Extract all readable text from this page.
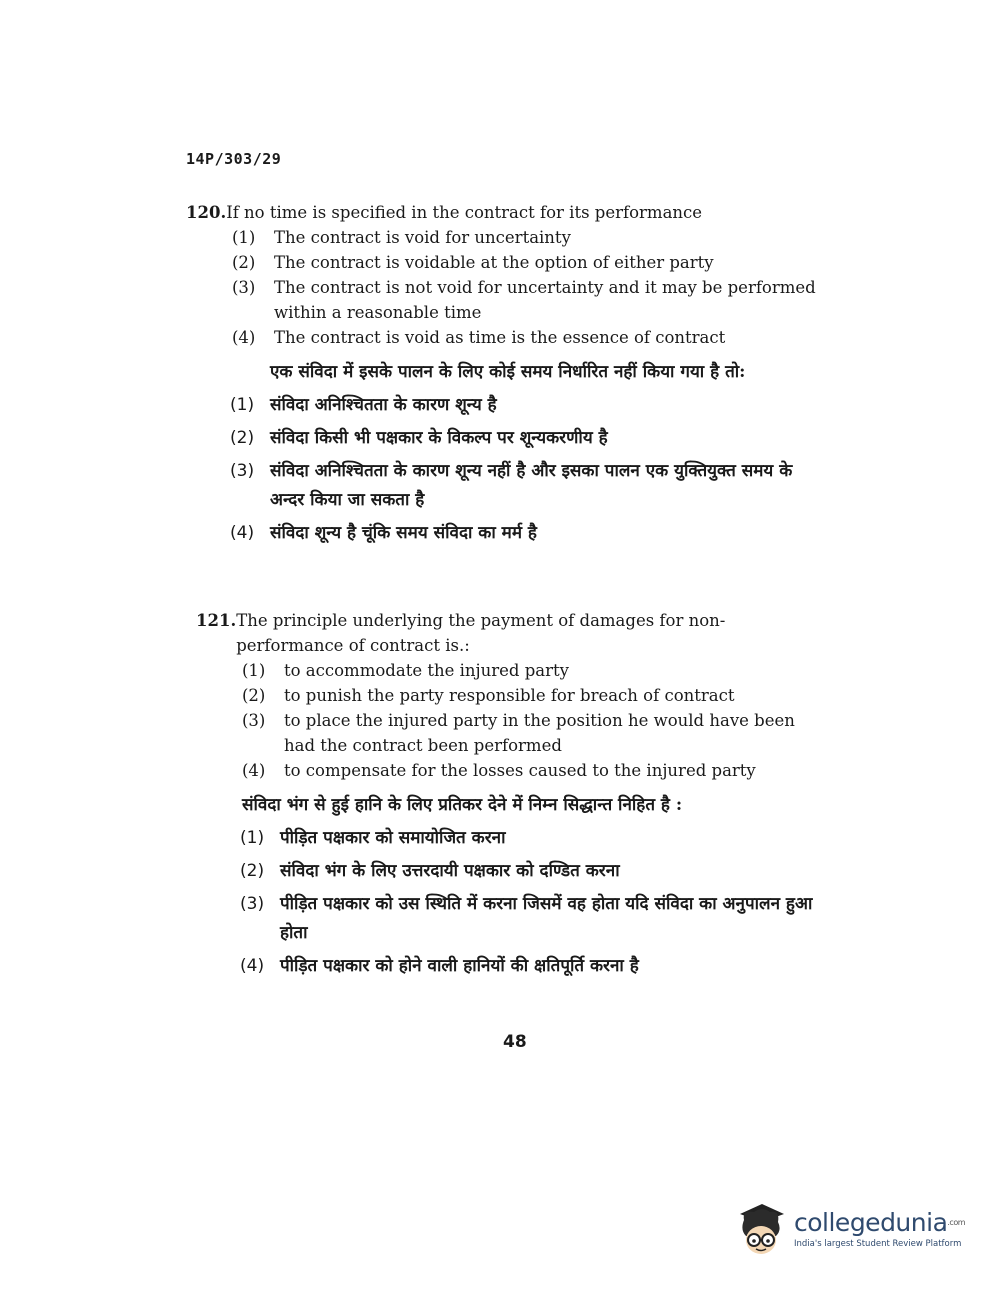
14P/303/29
120. If no time is specified in the contract for its performance
(1)	The contract is void for uncertainty
(2)	The contract is voidable at the option of either party
(3)	The contract is not void for uncertainty and it may be performed within a reasonable time
(4)	The contract is void as time is the essence of contract
एक संविदा में इसके पालन के लिए कोई समय निर्धारित नहीं किया गया है तो:
(1) संविदा अनिश्चितता के कारण शून्य है
(2) संविदा किसी भी पक्षकार के विकल्प पर शून्यकरणीय है
(3) संविदा अनिश्चितता के कारण शून्य नहीं है और इसका पालन एक युक्तियुक्त समय के अन्दर किया जा सकता है
(4) संविदा शून्य है चूंकि समय संविदा का मर्म है
121. The principle underlying the payment of damages for non-performance of contract is.:
(1)	to accommodate the injured party
(2)	to punish the party responsible for breach of contract
(3)	to place the injured party in the position he would have been had the contract been performed
(4)	to compensate for the losses caused to the injured party
संविदा भंग से हुई हानि के लिए प्रतिकर देने में निम्न सिद्धान्त निहित है :
(1) पीड़ित पक्षकार को समायोजित करना
(2) संविदा भंग के लिए उत्तरदायी पक्षकार को दण्डित करना
(3) पीड़ित पक्षकार को उस स्थिति में करना जिसमें वह होता यदि संविदा का अनुपालन हुआ होता
(4) पीड़ित पक्षकार को होने वाली हानियों की क्षतिपूर्ति करना है
48
collegedunia$^{.com}$
India's largest Student Review Platform
